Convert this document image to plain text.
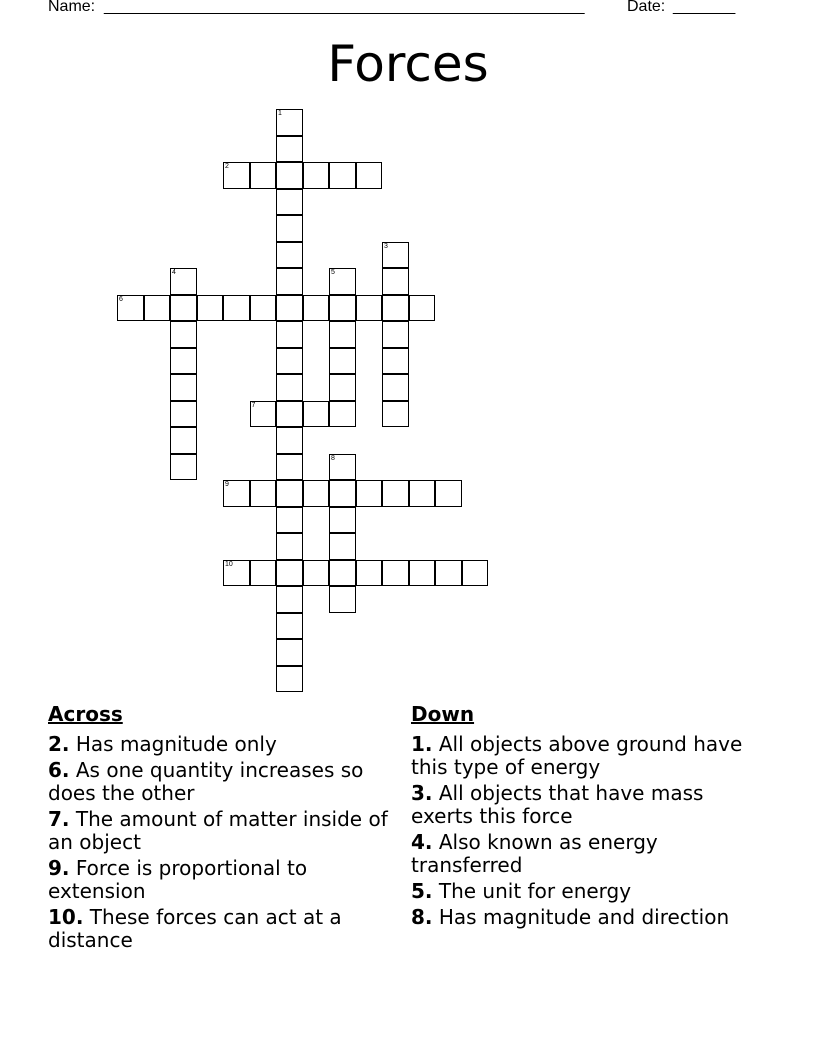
Name: ______________________________________________________	Date: _______
Forces
1
2
3
4	5
6
7
8
9
10
Across
2. Has magnitude only
6. As one quantity increases so does the other
7. The amount of matter inside of an object
9. Force is proportional to extension
10. These forces can act at a distance
Down
1. All objects above ground have this type of energy
3. All objects that have mass exerts this force
4. Also known as energy transferred
5. The unit for energy
8. Has magnitude and direction
